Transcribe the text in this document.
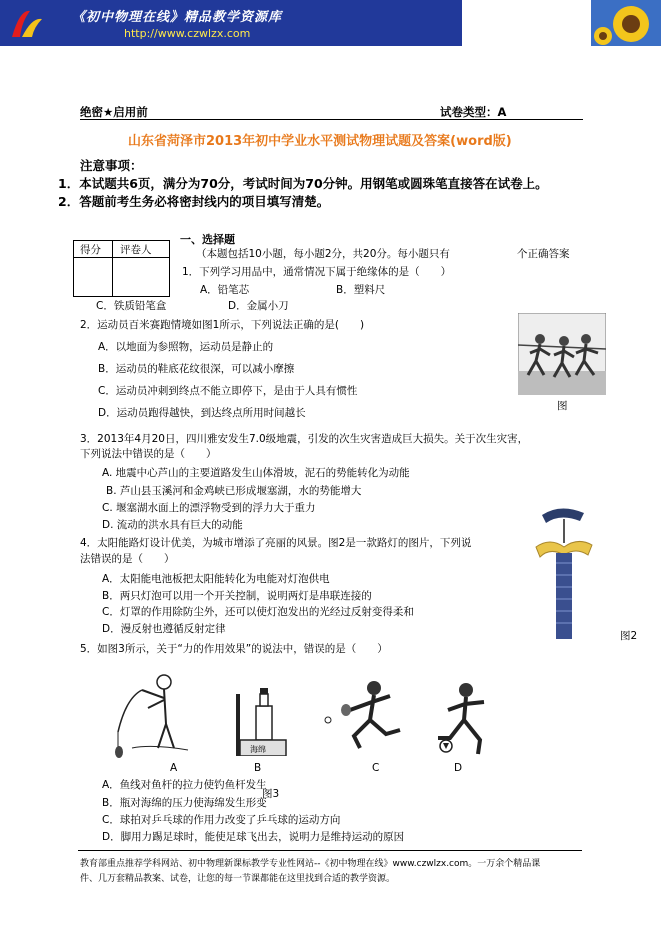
《初中物理在线》精品教学资源库
http://www.czwlzx.com
绝密★启用前	试卷类型：A
山东省菏泽市2013年初中学业水平测试物理试题及答案(word版)
注意事项：
1．本试题共6页，满分为70分，考试时间为70分钟。用钢笔或圆珠笔直接答在试卷上。
2．答题前考生务必将密封线内的项目填写清楚。
得分 评卷人
一、选择题
（本题包括10小题，每小题2分，共20分。每小题只有	个正确答案
1．下列学习用品中，通常情况下属于绝缘体的是（　　）
A．铅笔芯	B．塑料尺
C．铁质铅笔盒	D．金属小刀
2．运动员百米赛跑情境如图1所示，下列说法正确的是(　　)
A．以地面为参照物，运动员是静止的
B．运动员的鞋底花纹很深，可以减小摩擦
C．运动员冲刺到终点不能立即停下，是由于人具有惯性
D．运动员跑得越快，到达终点所用时间越长
图
3．2013年4月20日，四川雅安发生7.0级地震，引发的次生灾害造成巨大损失。关于次生灾害，
下列说法中错误的是（　　）
A. 地震中心芦山的主要道路发生山体滑坡，泥石的势能转化为动能
B. 芦山县玉溪河和金鸡峡已形成堰塞湖，水的势能增大
C. 堰塞湖水面上的漂浮物受到的浮力大于重力
D. 流动的洪水具有巨大的动能
4．太阳能路灯设计优美，为城市增添了亮丽的风景。图2是一款路灯的图片，下列说
法错误的是（　　）
A．太阳能电池板把太阳能转化为电能对灯泡供电
B．两只灯泡可以用一个开关控制，说明两灯是串联连接的
C．灯罩的作用除防尘外，还可以使灯泡发出的光经过反射变得柔和
D．漫反射也遵循反射定律
图2
5．如图3所示，关于“力的作用效果”的说法中，错误的是（　　）
海绵
A	B	C	D
图3
A．鱼线对鱼杆的拉力使钓鱼杆发生
B．瓶对海绵的压力使海绵发生形变
C．球拍对乒乓球的作用力改变了乒乓球的运动方向
D．脚用力踢足球时，能使足球飞出去，说明力是维持运动的原因
教育部重点推荐学科网站、初中物理新课标教学专业性网站--《初中物理在线》www.czwlzx.com。一万余个精品课
件、几万套精品教案、试卷，让您的每一节课都能在这里找到合适的教学资源。
